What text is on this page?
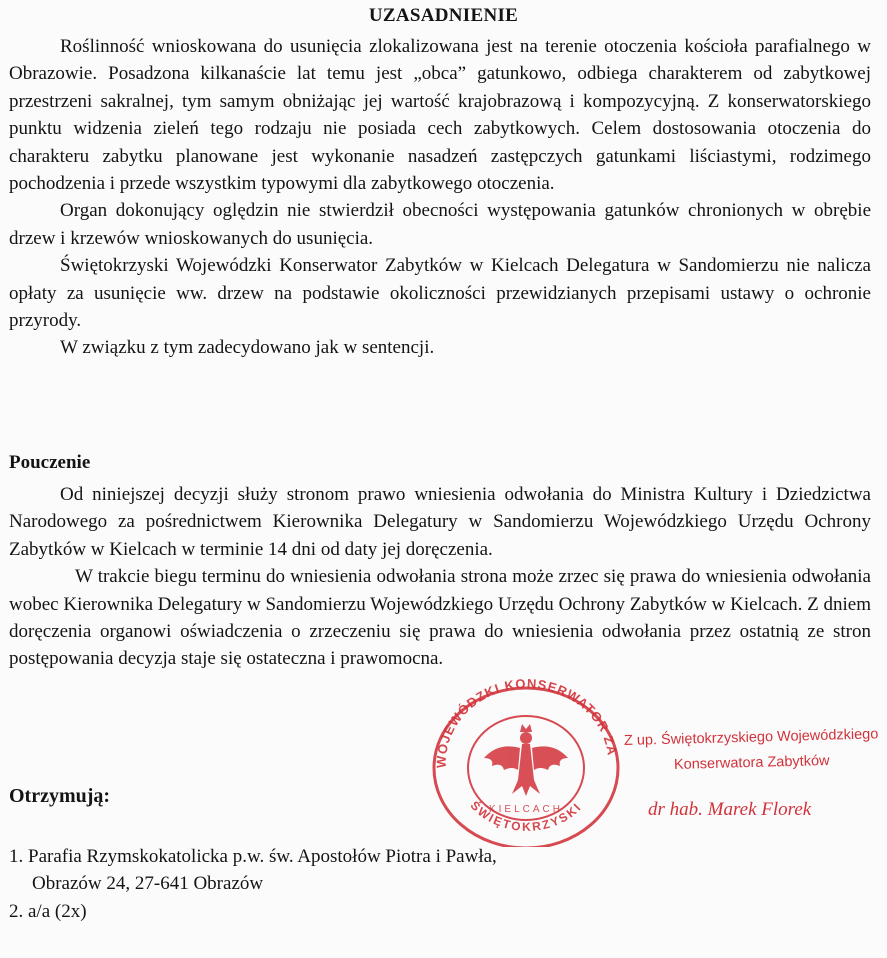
UZASADNIENIE

Roślinność wnioskowana do usunięcia zlokalizowana jest na terenie otoczenia kościoła parafialnego w Obrazowie. Posadzona kilkanaście lat temu jest „obca” gatunkowo, odbiega charakterem od zabytkowej przestrzeni sakralnej, tym samym obniżając jej wartość krajobrazową i kompozycyjną. Z konserwatorskiego punktu widzenia zieleń tego rodzaju nie posiada cech zabytkowych. Celem dostosowania otoczenia do charakteru zabytku planowane jest wykonanie nasadzeń zastępczych gatunkami liściastymi, rodzimego pochodzenia i przede wszystkim typowymi dla zabytkowego otoczenia.

Organ dokonujący oględzin nie stwierdził obecności występowania gatunków chronionych w obrębie drzew i krzewów wnioskowanych do usunięcia.

Świętokrzyski Wojewódzki Konserwator Zabytków w Kielcach Delegatura w Sandomierzu nie nalicza opłaty za usunięcie ww. drzew na podstawie okoliczności przewidzianych przepisami ustawy o ochronie przyrody.

W związku z tym zadecydowano jak w sentencji.

Pouczenie

Od niniejszej decyzji służy stronom prawo wniesienia odwołania do Ministra Kultury i Dziedzictwa Narodowego za pośrednictwem Kierownika Delegatury w Sandomierzu Wojewódzkiego Urzędu Ochrony Zabytków w Kielcach w terminie 14 dni od daty jej doręczenia.

W trakcie biegu terminu do wniesienia odwołania strona może zrzec się prawa do wniesienia odwołania wobec Kierownika Delegatury w Sandomierzu Wojewódzkiego Urzędu Ochrony Zabytków w Kielcach. Z dniem doręczenia organowi oświadczenia o zrzeczeniu się prawa do wniesienia odwołania przez ostatnią ze stron postępowania decyzja staje się ostateczna i prawomocna.

Otrzymują:
1. Parafia Rzymskokatolicka p.w. św. Apostołów Piotra i Pawła,
Obrazów 24, 27-641 Obrazów
2. a/a (2x)
WOJEWÓDZKI KONSERWATOR ZA
ŚWIĘTOKRZYSKI
KIELCACH
Z up. Świętokrzyskiego Wojewódzkiego
Konserwatora Zabytków
dr hab. Marek Florek
